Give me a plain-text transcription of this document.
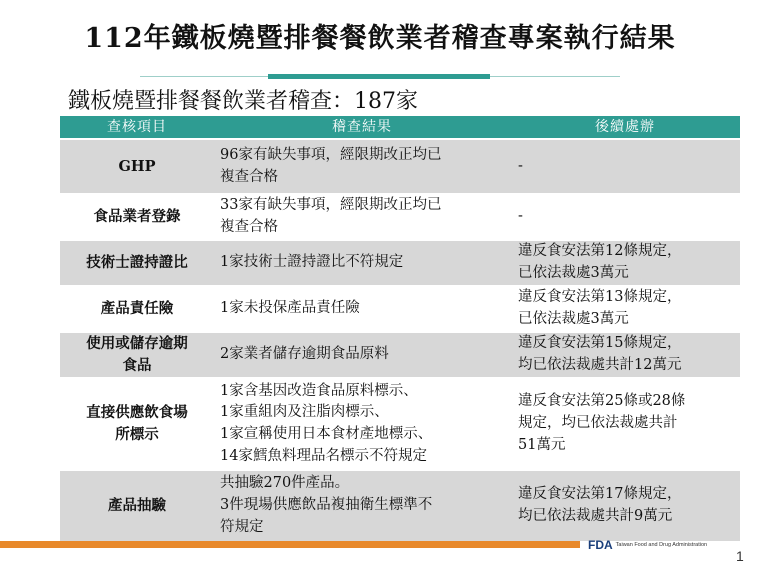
112年鐵板燒暨排餐餐飲業者稽查專案執行結果
鐵板燒暨排餐餐飲業者稽查：187家
查核項目	稽查結果	後續處辦

GHP	96家有缺失事項，經限期改正均已
複查合格	-

食品業者登錄	33家有缺失事項，經限期改正均已
複查合格	-

技術士證持證比	1家技術士證持證比不符規定	違反食安法第12條規定，
已依法裁處3萬元

產品責任險	1家未投保產品責任險	違反食安法第13條規定，
已依法裁處3萬元

使用或儲存逾期
食品	2家業者儲存逾期食品原料	違反食安法第15條規定，
均已依法裁處共計12萬元

直接供應飲食場
所標示	1家含基因改造食品原料標示、
1家重組肉及注脂肉標示、
1家宣稱使用日本食材產地標示、
14家鱈魚料理品名標示不符規定	違反食安法第25條或28條
規定，均已依法裁處共計
51萬元

產品抽驗	共抽驗270件產品。
3件現場供應飲品複抽衛生標準不
符規定	違反食安法第17條規定，
均已依法裁處共計9萬元
FDA Taiwan Food and Drug Administration
1
